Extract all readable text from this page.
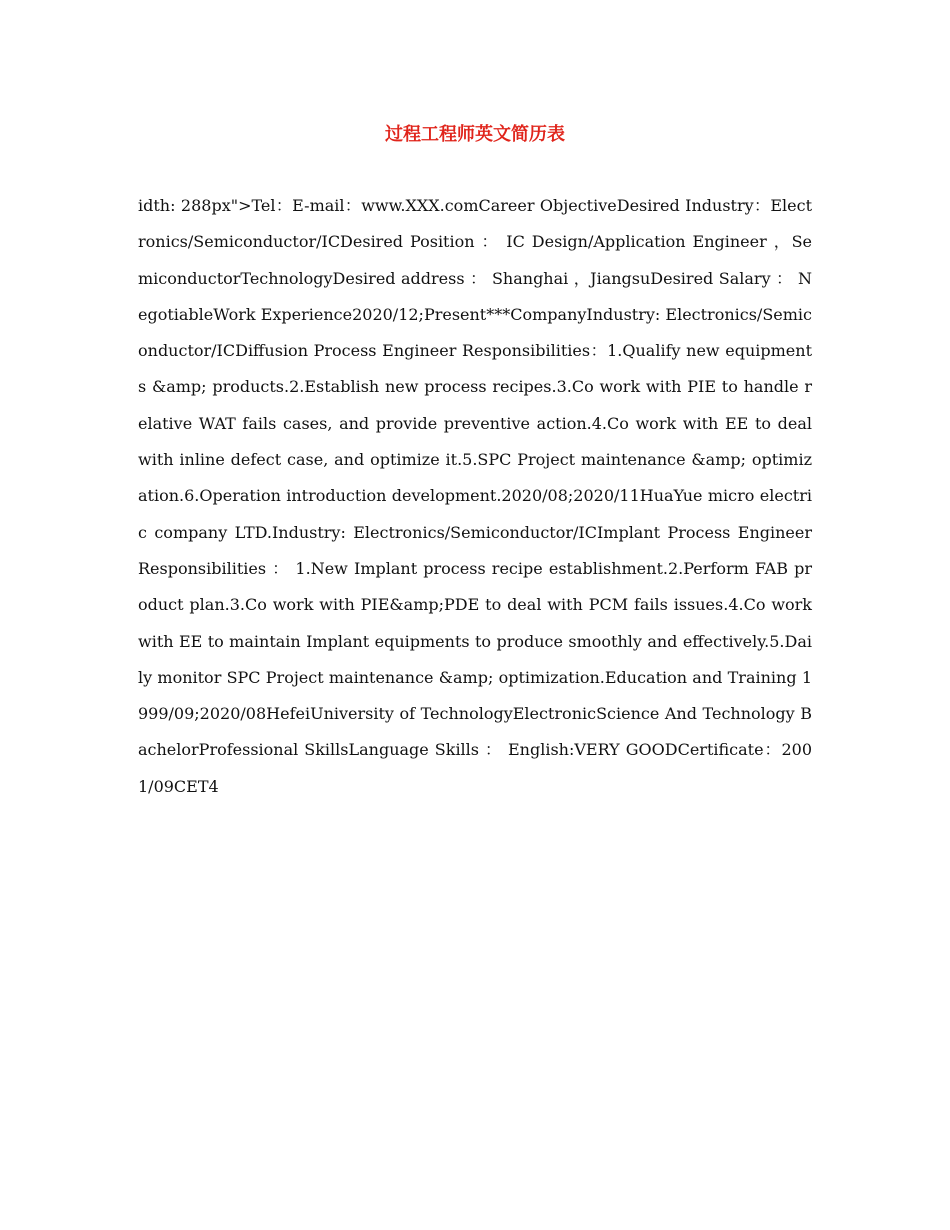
过程工程师英文简历表

idth: 288px">Tel：E-mail：www.XXX.comCareer ObjectiveDesired Industry：Electronics/Semiconductor/ICDesired Position ： IC Design/Application Engineer ，SemiconductorTechnologyDesired address ： Shanghai ，JiangsuDesired Salary ： NegotiableWork Experience2020/12;Present***CompanyIndustry: Electronics/Semiconductor/ICDiffusion Process Engineer Responsibilities：1.Qualify new equipments &amp; products.2.Establish new process recipes.3.Co work with PIE to handle relative WAT fails cases, and provide preventive action.4.Co work with EE to deal with inline defect case, and optimize it.5.SPC Project maintenance &amp; optimization.6.Operation introduction development.2020/08;2020/11HuaYue micro electric company LTD.Industry: Electronics/Semiconductor/ICImplant Process Engineer Responsibilities ： 1.New Implant process recipe establishment.2.Perform FAB product plan.3.Co work with PIE&amp;PDE to deal with PCM fails issues.4.Co work with EE to maintain Implant equipments to produce smoothly and effectively.5.Daily monitor SPC Project maintenance &amp; optimization.Education and Training 1999/09;2020/08HefeiUniversity of TechnologyElectronicScience And Technology BachelorProfessional SkillsLanguage Skills ： English:VERY GOODCertificate：2001/09CET4
